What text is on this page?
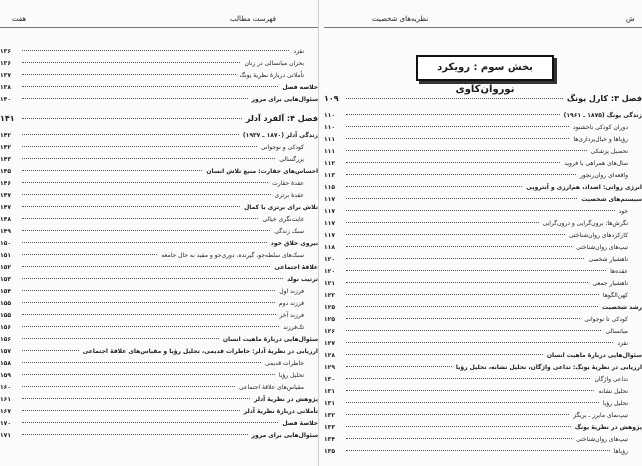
فهرست مطالب
هفت
نقزد
۱۳۶
بحران میانسالی در زنان
۱۳۶
تأملاتی دربارهٔ نظریهٔ یونگ
۱۳۷
خلاصه فصل
۱۳۸
سئوال‌هایی برای مرور
۱۴۰
فصل ۴: آلفرد آدلر
۱۴۱
زندگی آدلر (۱۸۷۰ ـ ۱۹۳۷)
۱۴۲
کودکی و نوجوانی
۱۴۲
بزرگسالی
۱۴۳
احساس‌های حقارت: منبع تلاش انسان
۱۴۵
عقدهٔ حقارت
۱۴۶
عقدهٔ برتری
۱۴۷
تلاش برای برتری یا کمال
۱۴۷
غایت‌نگری خیالی
۱۴۸
سبک زندگی
۱۴۹
نیروی خلاق خود
۱۵۰
سبک‌های سلطه‌جو، گیرنده، دوری‌جو و مفید به حال جامعه
۱۵۱
علاقهٔ اجتماعی
۱۵۲
ترتیب تولد
۱۵۳
فرزند اول
۱۵۴
فرزند دوم
۱۵۵
فرزند آخر
۱۵۵
تک‌فرزند
۱۵۶
سئوال‌هایی دربارهٔ ماهیت انسان
۱۵۶
ارزیابی در نظریهٔ آدلر: خاطرات قدیمی، تحلیل رؤیا و مقیاس‌های علاقهٔ اجتماعی
۱۵۷
خاطرات قدیمی
۱۵۸
تحلیل رؤیا
۱۵۹
مقیاس‌های علاقهٔ اجتماعی
۱۶۰
پژوهش در نظریهٔ آدلر
۱۶۱
تأملاتی دربارهٔ نظریهٔ آدلر
۱۶۷
خلاصهٔ فصل
۱۷۰
سئوال‌هایی برای مرور
۱۷۱
ش
نظریه‌های شخصیت
بخش سوم : رویکرد نوروان‌کاوی
فصل ۳: کارل یونگ
۱۰۹
زندگی یونگ (۱۸۷۵ ـ ۱۹۶۱)
۱۱۰
دوران کودکی ناخشنود
۱۱۰
رؤیاها و خیال‌پردازی‌ها
۱۱۱
تحصیل پزشکی
۱۱۱
سال‌های همراهی با فروید
۱۱۲
واقعه‌ای روان‌رنجور
۱۱۳
انرژی روانی: اضداد، هم‌ارزی و آنتروپی
۱۱۵
سیستم‌های شخصیت
۱۱۷
خود
۱۱۷
نگرش‌ها: برون‌گرایی و درون‌گرایی
۱۱۷
کارکردهای روان‌شناختی
۱۱۷
تیپ‌های روان‌شناختی
۱۱۸
ناهشیار شخصی
۱۲۰
عقده‌ها
۱۲۰
ناهشیار جمعی
۱۲۱
کهن‌الگوها
۱۲۲
رشد شخصیت
۱۲۵
کودکی تا نوجوانی
۱۲۵
میانسالی
۱۲۶
نقزد
۱۲۷
سئوال‌هایی دربارهٔ ماهیت انسان
۱۲۸
ارزیابی در نظریهٔ یونگ: تداعی واژگان، تحلیل نشانه، تحلیل رؤیا
۱۲۹
تداعی واژگان
۱۳۰
تحلیل نشانه
۱۳۱
تحلیل رؤیا
۱۳۱
تیپ‌نمای مایرز ـ بریگز
۱۳۲
پژوهش در نظریهٔ یونگ
۱۳۳
تیپ‌های روان‌شناختی
۱۳۴
رؤیاها
۱۳۵
